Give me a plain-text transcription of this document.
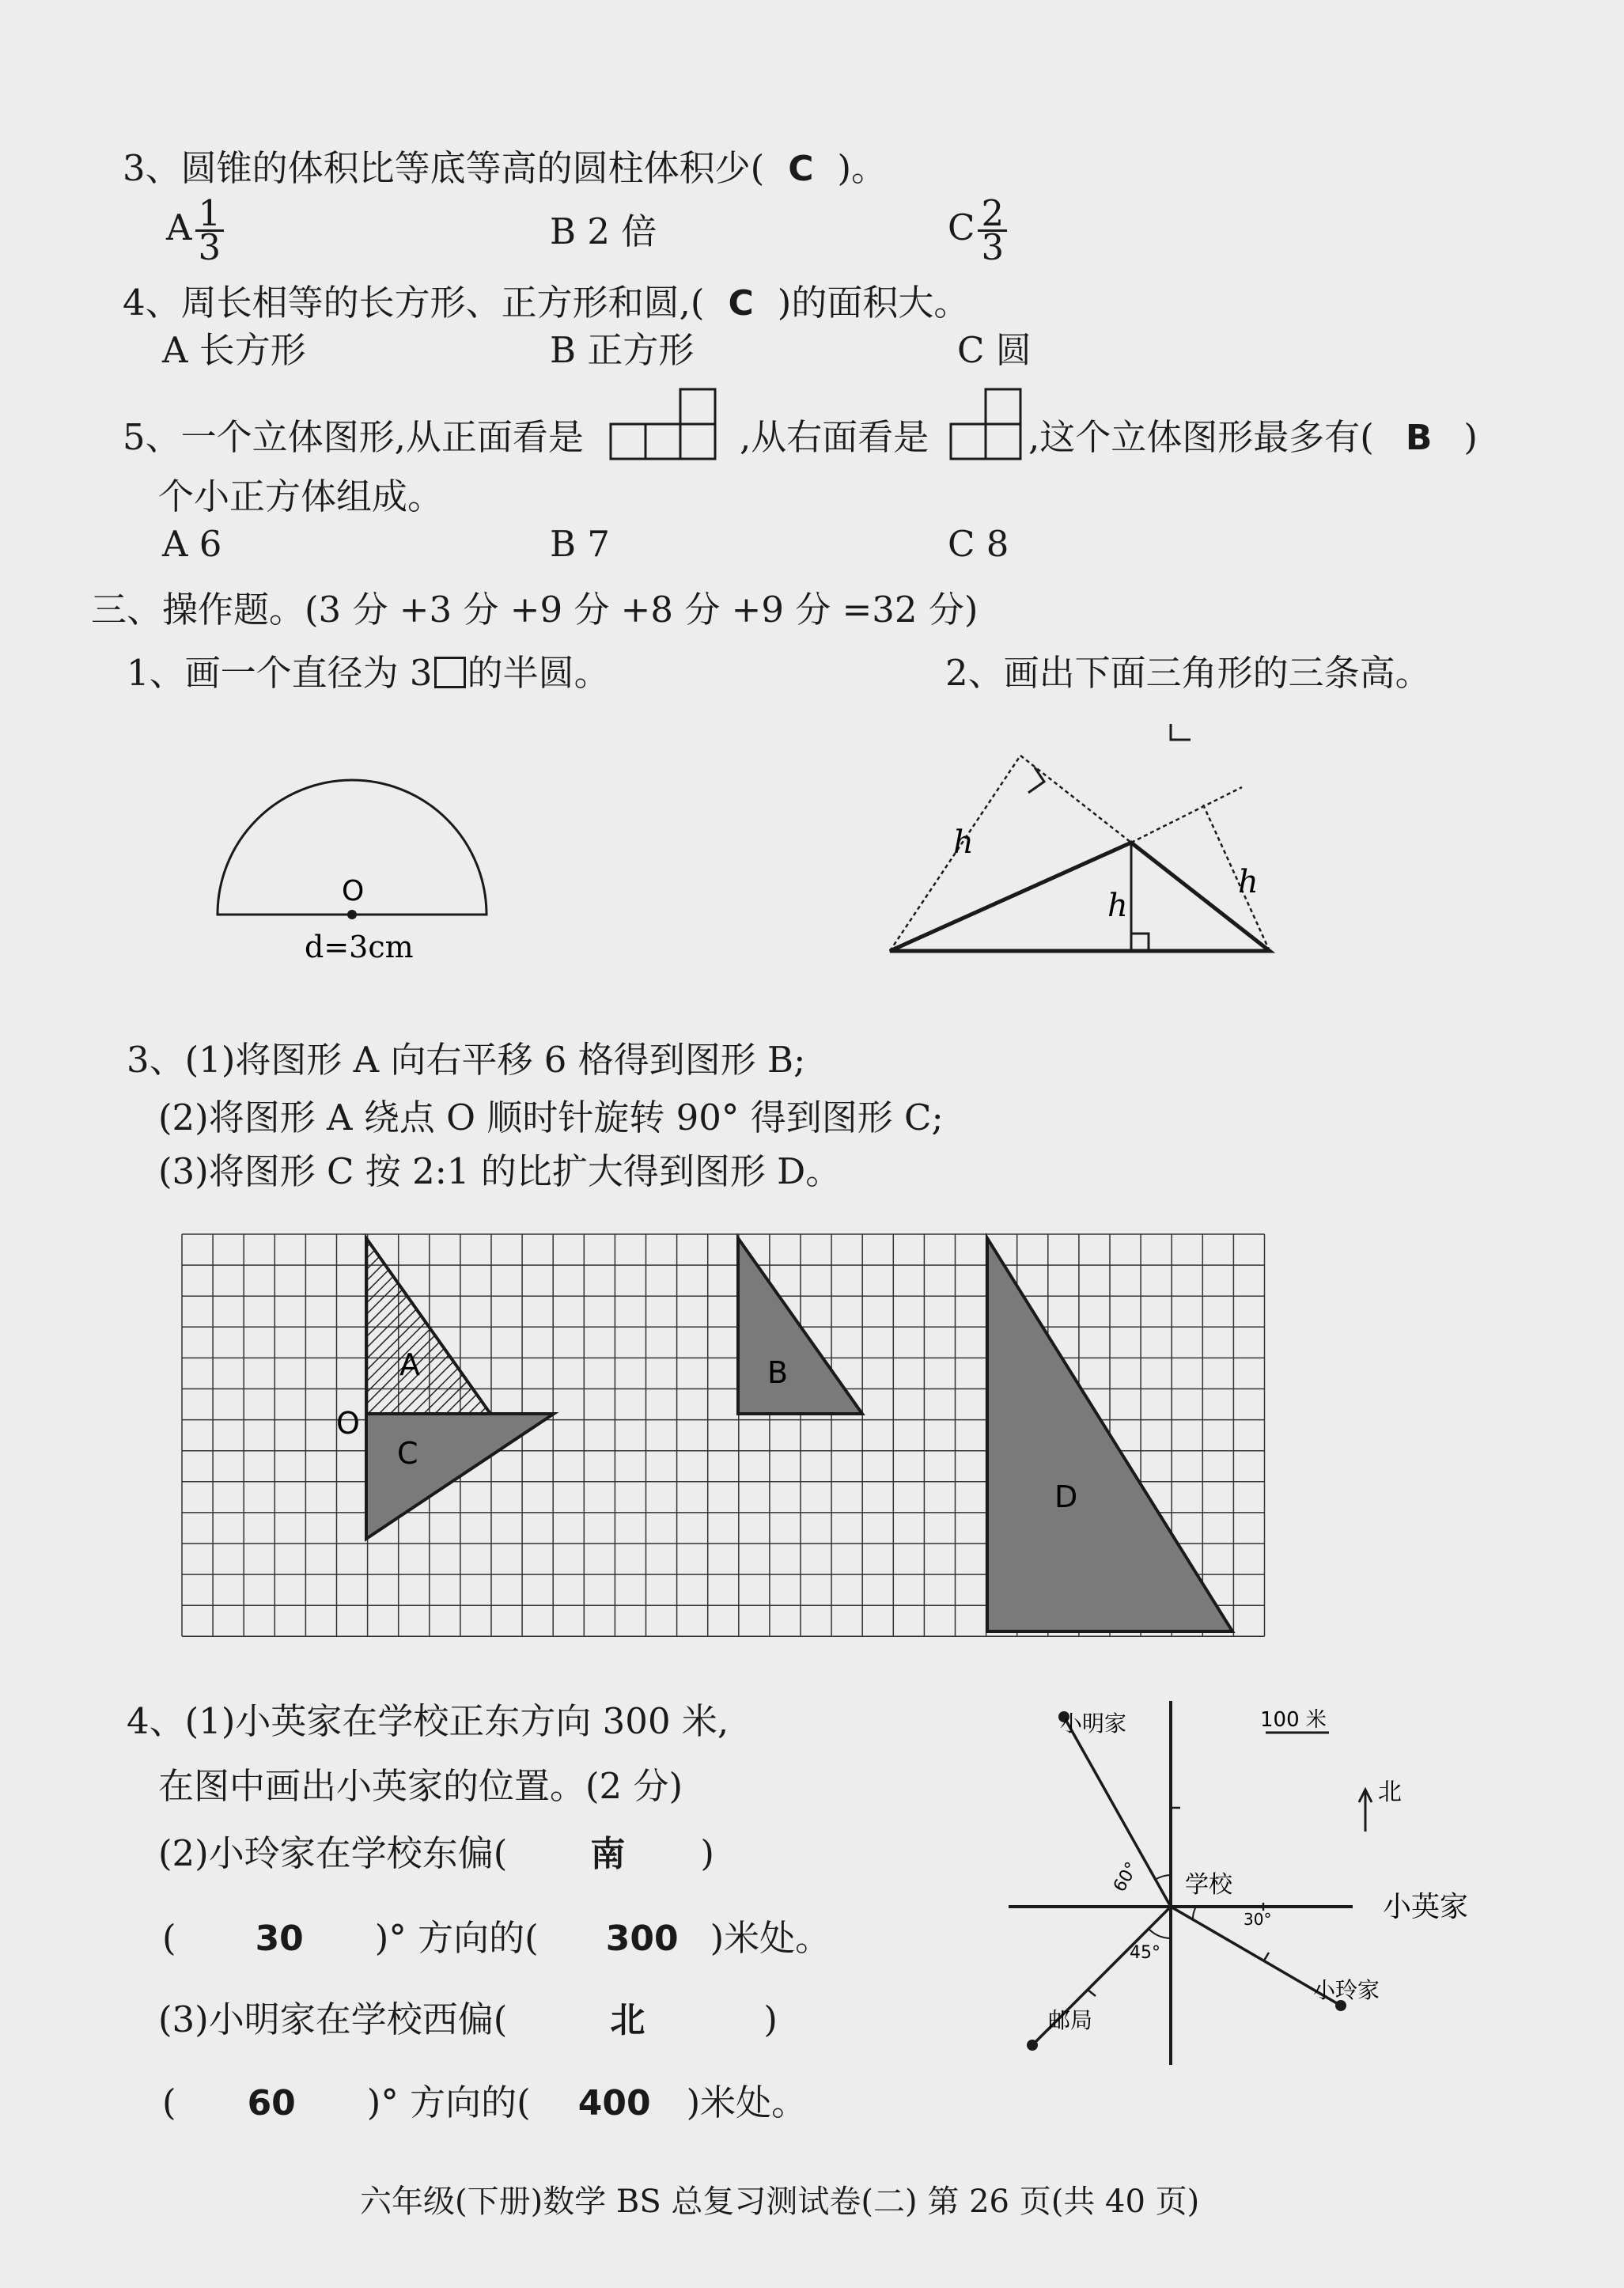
3、圆锥的体积比等底等高的圆柱体积少( C )。
A $\frac{1}{3}$	B 2 倍	C $\frac{2}{3}$
4、周长相等的长方形、正方形和圆,( C )的面积大。
A 长方形	B 正方形	C 圆
5、一个立体图形,从正面看是	,从右面看是	,这个立体图形最多有( B )
个小正方体组成。
A 6	B 7	C 8
三、操作题。(3 分 +3 分 +9 分 +8 分 +9 分 =32 分)
1、画一个直径为 3 的半圆。	2、画出下面三角形的三条高。
O
d=3cm
h
h
h
3、(1)将图形 A 向右平移 6 格得到图形 B;
(2)将图形 A 绕点 O 顺时针旋转 90° 得到图形 C;
(3)将图形 C 按 2:1 的比扩大得到图形 D。
A
C
B
D
O
4、(1)小英家在学校正东方向 300 米,
在图中画出小英家的位置。(2 分)
(2)小玲家在学校东偏( 南 )
( 30 )° 方向的( 300 )米处。
(3)小明家在学校西偏(	北	)
( 60 )° 方向的( 400 )米处。
小明家	100 米
北
学校
小英家
小玲家
邮局
60°
45°
30°
六年级(下册)数学 BS 总复习测试卷(二) 第 26 页(共 40 页)
